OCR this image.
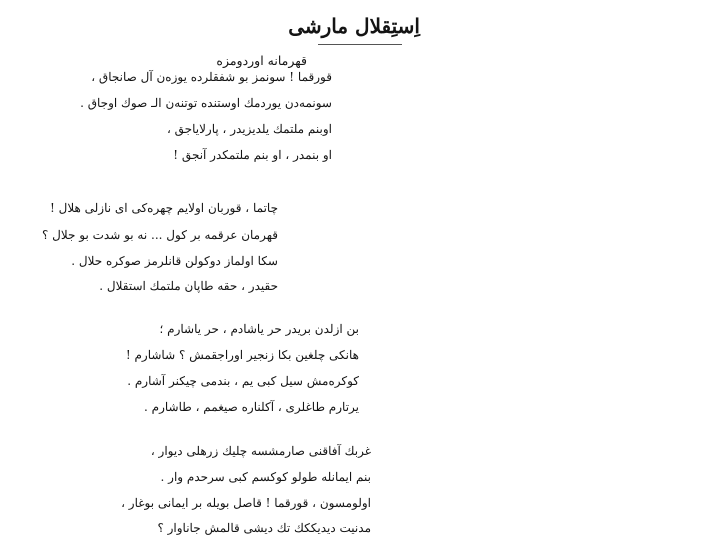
اِستِقلال مارشى
قهرمانه اوردومزه
قورقما ! سونمز بو شفقلرده يوزه‌ن آل صانجاق ،
سونمه‌دن يوردمك اوستنده توتنه‌ن الـ صوك اوجاق .
اوبنم ملتمك يلديزيدر ، پارلايا‌جق ،
او بنمدر ، او بنم ملتمكدر آنجق !
چاتما ، قوربان اولايم چهره‌كى اى نازلى هلال !
قهرمان عرقمه بر كول ... نه بو شدت بو جلال ؟
سكا اولماز دوكولن قانلرمز صوكره حلال .
حقيدر ، حقه طاپان ملتمك استقلال .
بن ازلدن بريدر حر ياشادم ، حر ياشارم ؛
هانكى چلغين بكا زنجير اوراجقمش ؟ شاشارم !
كوكره‌مش سيل كبى يم ، بندمى چيكنر آشارم .
يرتارم طاغلرى ، آكلناره صيغمم ، طاشارم .
غربك آفاقنى صارمشسه چليك زرهلى ديوار ،
بنم ايمانله طولو كوكسم كبى سرحدم وار .
اولومسون ، قورقما ! قاصل بويله بر ايمانى بوغار ،
مدنيت ديديككك تك دیشى قالمش جاناوار ؟
